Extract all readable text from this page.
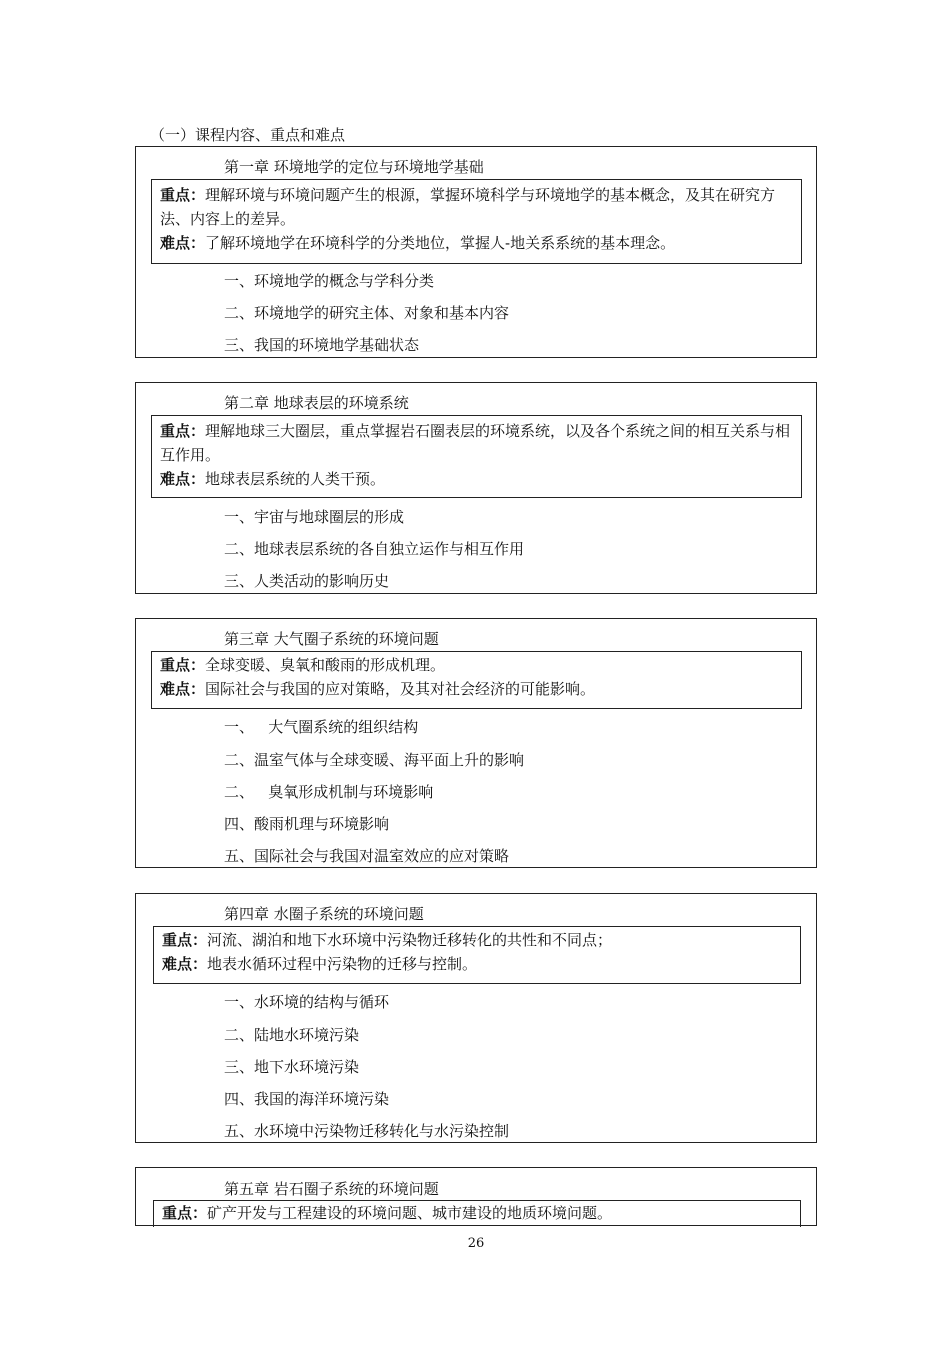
（一）课程内容、重点和难点
第一章 环境地学的定位与环境地学基础

重点：理解环境与环境问题产生的根源，掌握环境科学与环境地学的基本概念，及其在研究方法、内容上的差异。

难点：了解环境地学在环境科学的分类地位，掌握人-地关系系统的基本理念。

一、环境地学的概念与学科分类
二、环境地学的研究主体、对象和基本内容
三、我国的环境地学基础状态
第二章 地球表层的环境系统

重点：理解地球三大圈层，重点掌握岩石圈表层的环境系统，以及各个系统之间的相互关系与相互作用。

难点：地球表层系统的人类干预。

一、宇宙与地球圈层的形成
二、地球表层系统的各自独立运作与相互作用
三、人类活动的影响历史
第三章 大气圈子系统的环境问题

重点：全球变暖、臭氧和酸雨的形成机理。

难点：国际社会与我国的应对策略，及其对社会经济的可能影响。

一、   大气圈系统的组织结构
二、温室气体与全球变暖、海平面上升的影响
二、   臭氧形成机制与环境影响
四、酸雨机理与环境影响
五、国际社会与我国对温室效应的应对策略
第四章 水圈子系统的环境问题

重点：河流、湖泊和地下水环境中污染物迁移转化的共性和不同点；

难点：地表水循环过程中污染物的迁移与控制。

一、水环境的结构与循环
二、陆地水环境污染
三、地下水环境污染
四、我国的海洋环境污染
五、水环境中污染物迁移转化与水污染控制
第五章 岩石圈子系统的环境问题

重点：矿产开发与工程建设的环境问题、城市建设的地质环境问题。

26
